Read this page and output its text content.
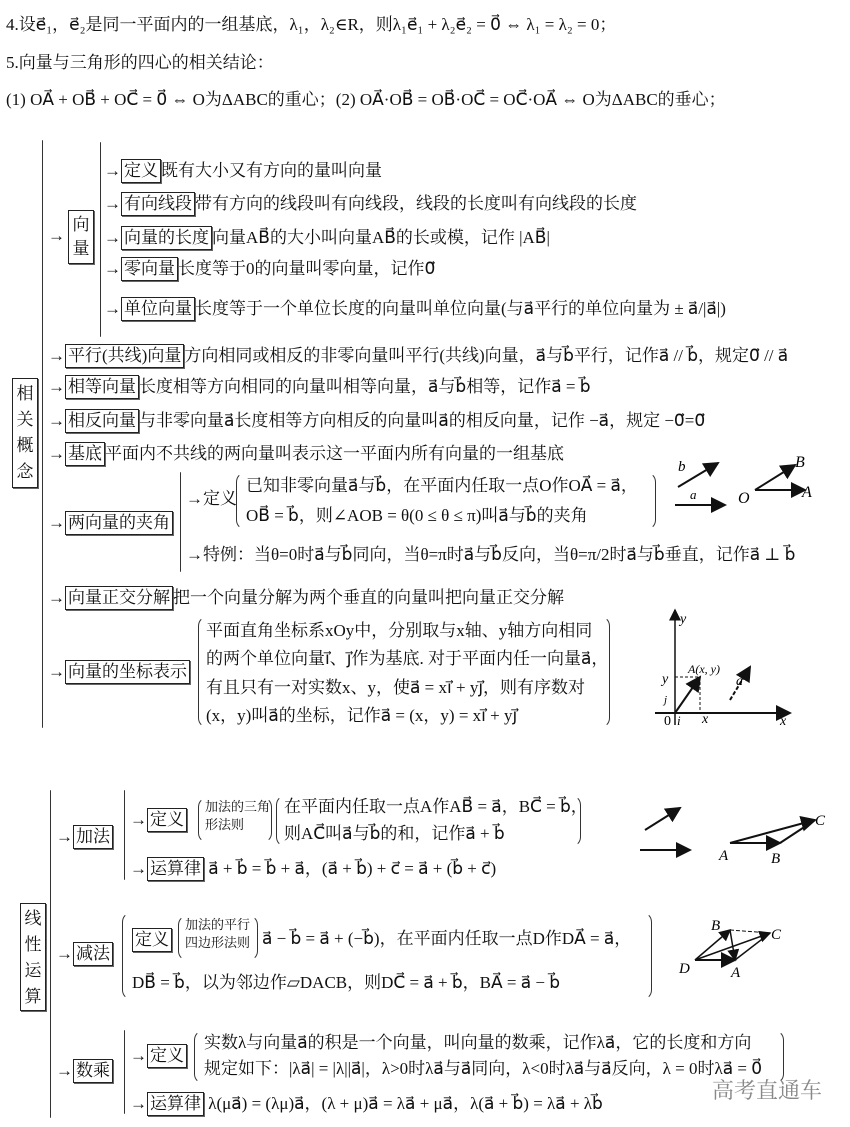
4.设e⃗₁，e⃗₂是同一平面内的一组基底，λ₁，λ₂∈R，则λ₁e⃗₁ + λ₂e⃗₂ = 0⃗ ⇔ λ₁ = λ₂ = 0；
5.向量与三角形的四心的相关结论：
(1) OA⃗ + OB⃗ + OC⃗ = 0⃗ ⇔ O为ΔABC的重心；(2) OA⃗·OB⃗ = OB⃗·OC⃗ = OC⃗·OA⃗ ⇔ O为ΔABC的垂心；
相关概念
→
向量
→ 定义 既有大小又有方向的量叫向量
→ 有向线段 带有方向的线段叫有向线段，线段的长度叫有向线段的长度
→ 向量的长度 向量AB⃗的大小叫向量AB⃗的长或模，记作 |AB⃗|
→ 零向量 长度等于0的向量叫零向量，记作0⃗
→ 单位向量 长度等于一个单位长度的向量叫单位向量(与a⃗平行的单位向量为 ± a⃗/|a⃗|)
→ 平行(共线)向量 方向相同或相反的非零向量叫平行(共线)向量，a⃗与b⃗平行，记作a⃗ // b⃗，规定0⃗ // a⃗
→ 相等向量 长度相等方向相同的向量叫相等向量，a⃗与b⃗相等，记作a⃗ = b⃗
→ 相反向量 与非零向量a⃗长度相等方向相反的向量叫a⃗的相反向量，记作 −a⃗，规定 −0⃗=0⃗
→ 基底 平面内不共线的两向量叫表示这一平面内所有向量的一组基底
→ 两向量的夹角
→定义
已知非零向量a⃗与b⃗，在平面内任取一点O作OA⃗ = a⃗，
OB⃗ = b⃗，则∠AOB = θ(0 ≤ θ ≤ π)叫a⃗与b⃗的夹角
→特例：当θ=0时a⃗与b⃗同向，当θ=π时a⃗与b⃗反向，当θ=π/2时a⃗与b⃗垂直，记作a⃗ ⊥ b⃗
b⃗
a⃗ O
B
A
→ 向量正交分解 把一个向量分解为两个垂直的向量叫把向量正交分解
→ 向量的坐标表示
平面直角坐标系xOy中，分别取与x轴、y轴方向相同
的两个单位向量i⃗、j⃗作为基底. 对于平面内任一向量a⃗，
有且只有一对实数x、y，使a⃗ = xi⃗ + yj⃗，则有序数对
(x，y)叫a⃗的坐标，记作a⃗ = (x，y) = xi⃗ + yj⃗
y
y
x	x
A(x, y)
a⃗
0 i⃗
j⃗
线性运算
→ 加法
→ 定义
加法的三角形法则
在平面内任取一点A作AB⃗ = a⃗，BC⃗ = b⃗，
则AC⃗叫a⃗与b⃗的和，记作a⃗ + b⃗
→ 运算律 a⃗ + b⃗ = b⃗ + a⃗，(a⃗ + b⃗) + c⃗ = a⃗ + (b⃗ + c⃗)
A	B
C
→ 减法
定义
加法的平行四边形法则 a⃗ − b⃗ = a⃗ + (−b⃗)，在平面内任取一点D作DA⃗ = a⃗，
DB⃗ = b⃗，以为邻边作▱DACB，则DC⃗ = a⃗ + b⃗，BA⃗ = a⃗ − b⃗
B
C
D	A
→ 数乘
→ 定义
实数λ与向量a⃗的积是一个向量，叫向量的数乘，记作λa⃗，它的长度和方向
规定如下：|λa⃗| = |λ||a⃗|，λ>0时λa⃗与a⃗同向，λ<0时λa⃗与a⃗反向，λ = 0时λa⃗ = 0⃗
→ 运算律 λ(μa⃗) = (λμ)a⃗，(λ + μ)a⃗ = λa⃗ + μa⃗，λ(a⃗ + b⃗) = λa⃗ + λb⃗	高考直通车
